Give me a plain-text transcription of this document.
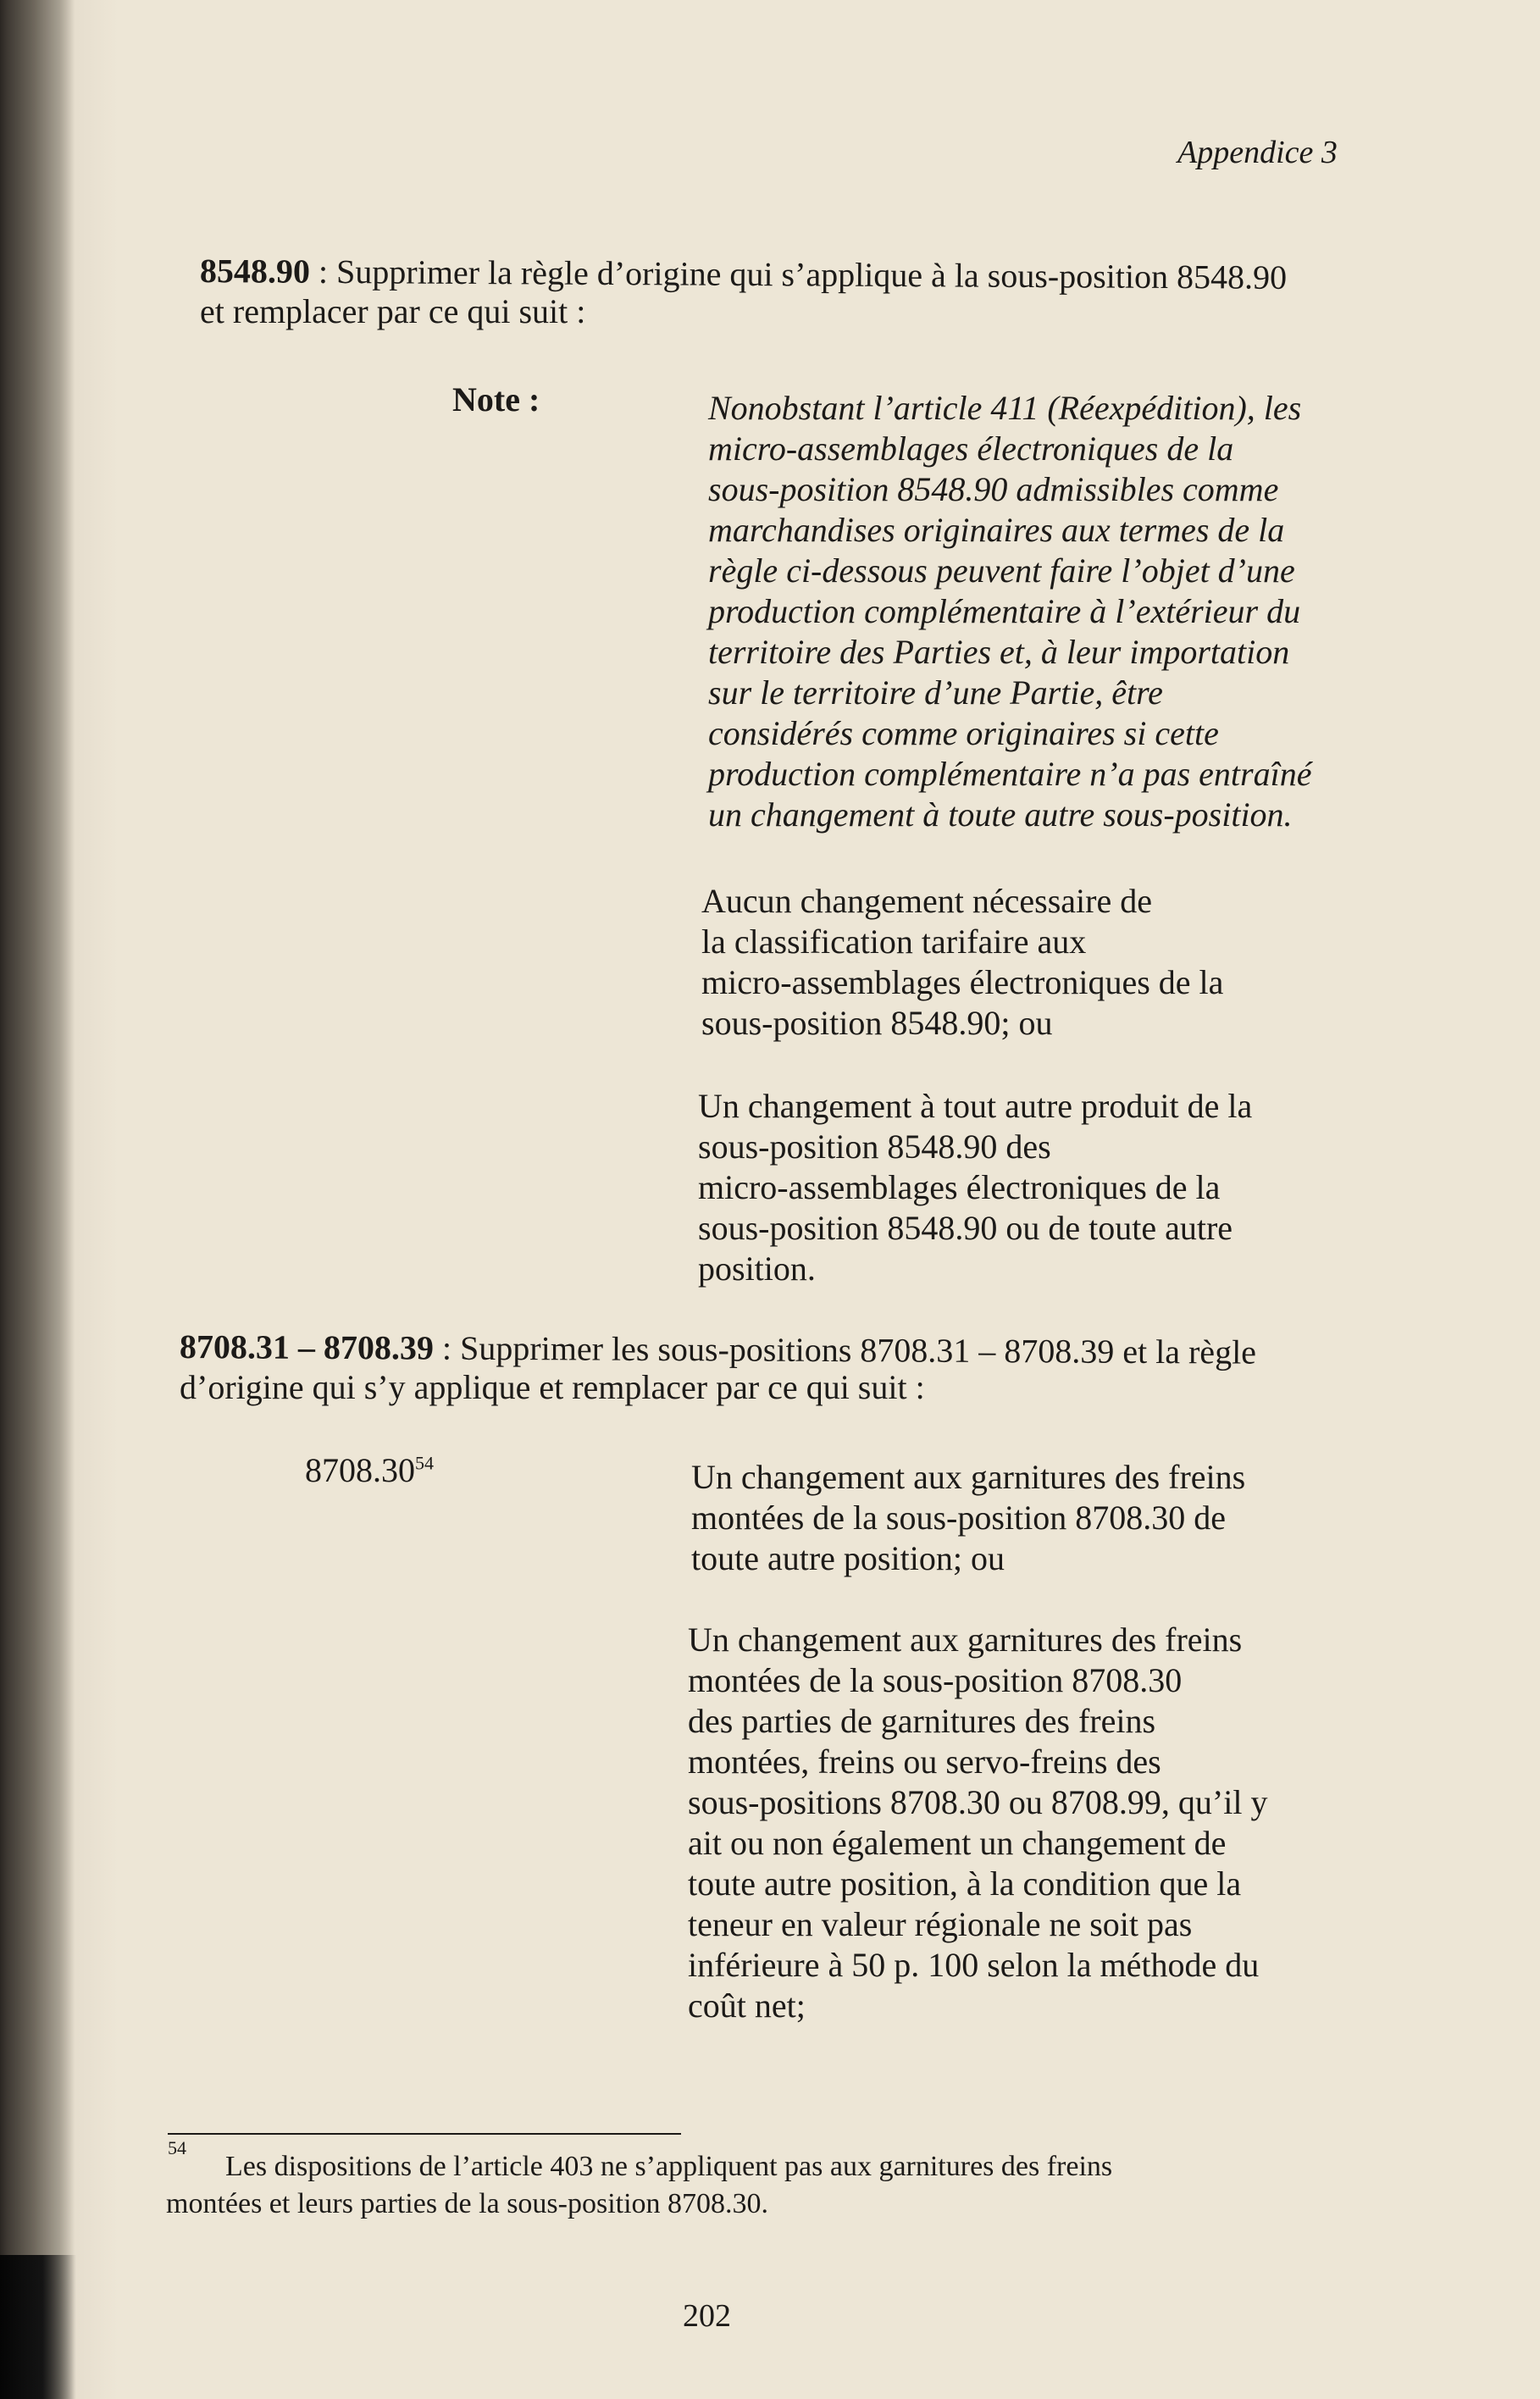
Appendice 3
8548.90 : Supprimer la règle d’origine qui s’applique à la sous-position 8548.90
et remplacer par ce qui suit :
Note :	Nonobstant l’article 411 (Réexpédition), les
micro-assemblages électroniques de la
sous-position 8548.90 admissibles comme
marchandises originaires aux termes de la
règle ci-dessous peuvent faire l’objet d’une
production complémentaire à l’extérieur du
territoire des Parties et, à leur importation
sur le territoire d’une Partie, être
considérés comme originaires si cette
production complémentaire n’a pas entraîné
un changement à toute autre sous-position.
Aucun changement nécessaire de
la classification tarifaire aux
micro-assemblages électroniques de la
sous-position 8548.90; ou
Un changement à tout autre produit de la
sous-position 8548.90 des
micro-assemblages électroniques de la
sous-position 8548.90 ou de toute autre
position.
8708.31 – 8708.39 : Supprimer les sous-positions 8708.31 – 8708.39 et la règle
d’origine qui s’y applique et remplacer par ce qui suit :
8708.30$^{54}$	Un changement aux garnitures des freins
montées de la sous-position 8708.30 de
toute autre position; ou
Un changement aux garnitures des freins
montées de la sous-position 8708.30
des parties de garnitures des freins
montées, freins ou servo-freins des
sous-positions 8708.30 ou 8708.99, qu’il y
ait ou non également un changement de
toute autre position, à la condition que la
teneur en valeur régionale ne soit pas
inférieure à 50 p. 100 selon la méthode du
coût net;
54
Les dispositions de l’article 403 ne s’appliquent pas aux garnitures des freins
montées et leurs parties de la sous-position 8708.30.
202
